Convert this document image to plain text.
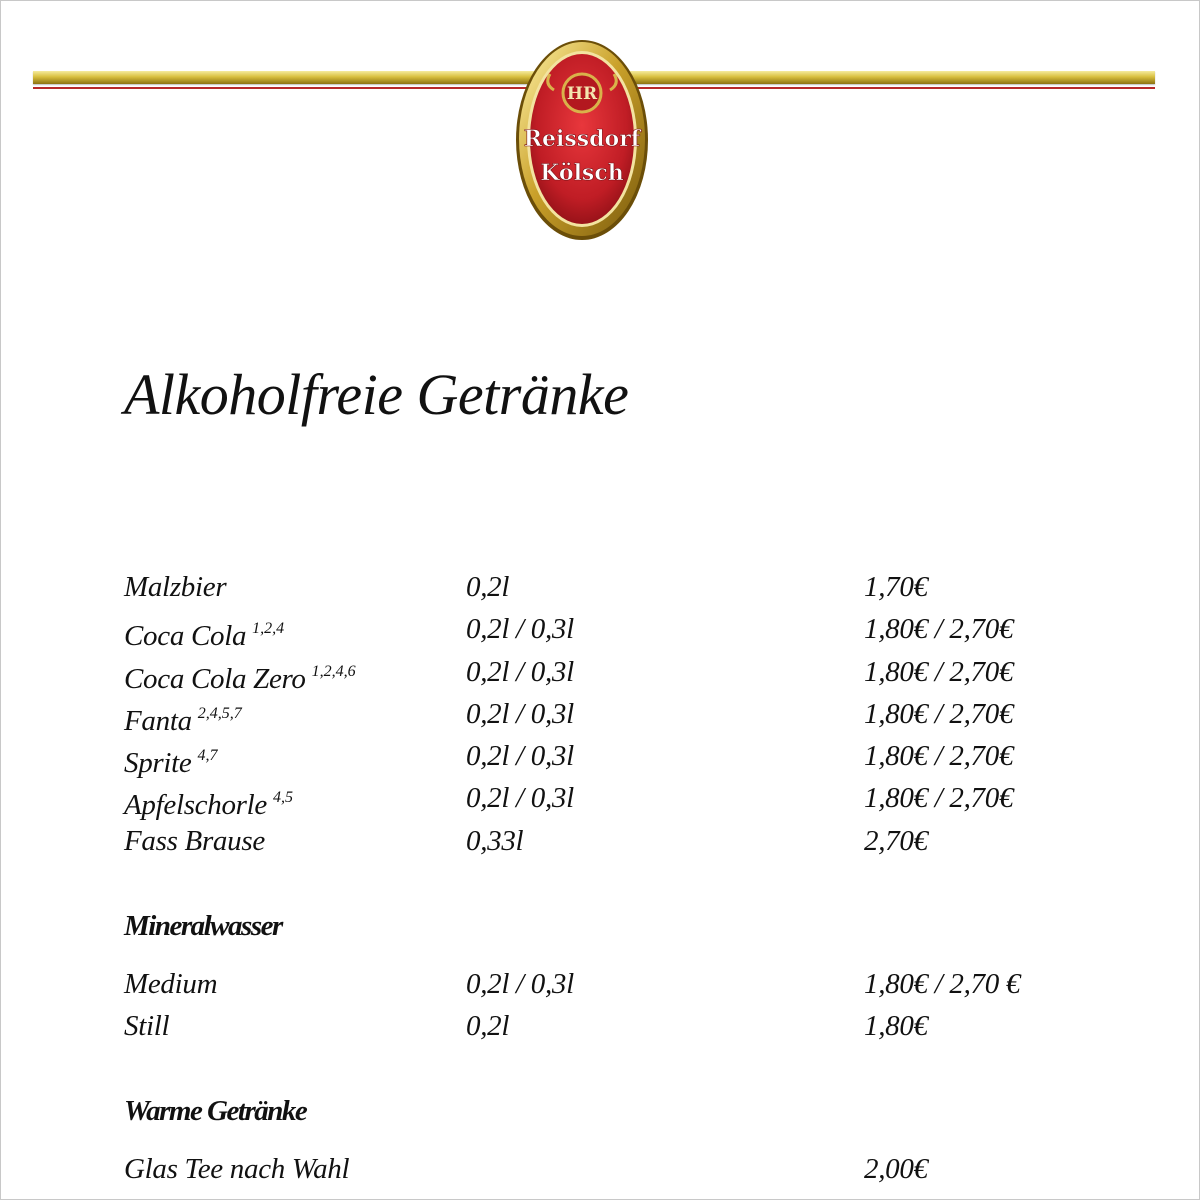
HR
Reissdorf
Kölsch
Alkoholfreie Getränke
Malzbier	0,2l	1,70€
Coca Cola $^{1,2,4}$	0,2l / 0,3l	1,80€ / 2,70€
Coca Cola Zero $^{1,2,4,6}$	0,2l / 0,3l	1,80€ / 2,70€
Fanta $^{2,4,5,7}$	0,2l / 0,3l	1,80€ / 2,70€
Sprite $^{4,7}$	0,2l / 0,3l	1,80€ / 2,70€
Apfelschorle $^{4,5}$	0,2l / 0,3l	1,80€ / 2,70€
Fass Brause	0,33l	2,70€
Mineralwasser
Medium	0,2l / 0,3l	1,80€ / 2,70 €
Still	0,2l	1,80€
Warme Getränke
Glas Tee nach Wahl	2,00€
